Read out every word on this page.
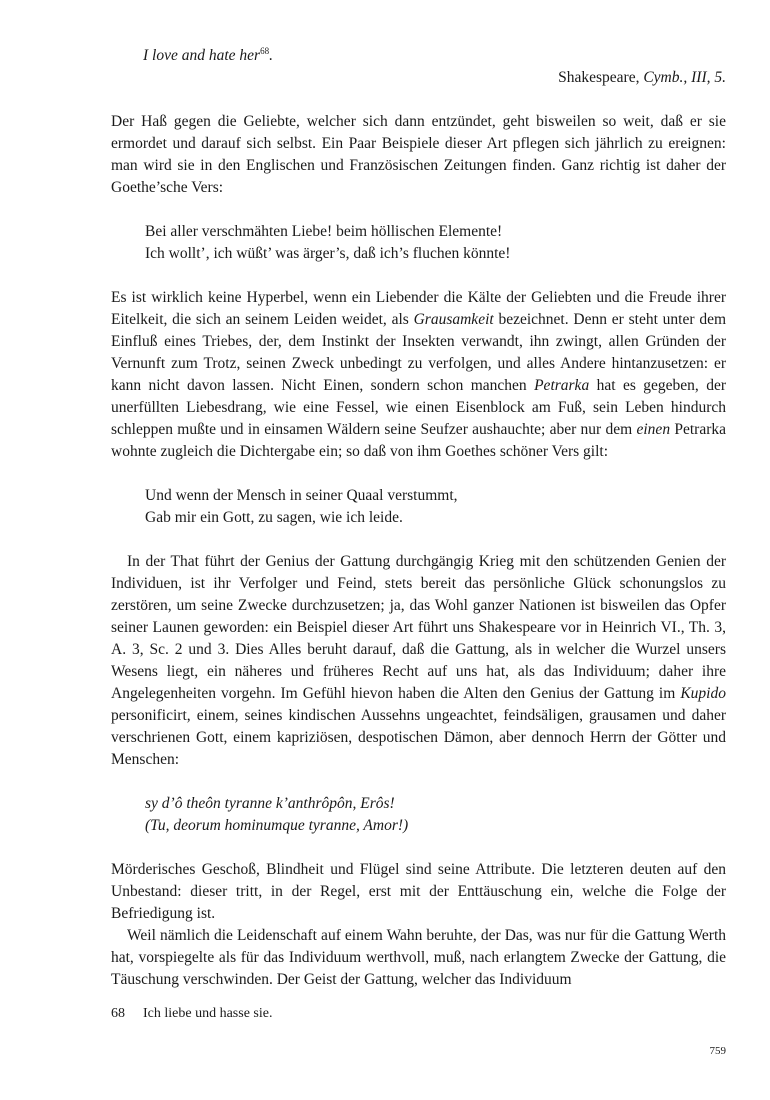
I love and hate her$^{68}$.
Shakespeare, Cymb., III, 5.

Der Haß gegen die Geliebte, welcher sich dann entzündet, geht bisweilen so weit, daß er sie ermordet und darauf sich selbst. Ein Paar Beispiele dieser Art pflegen sich jährlich zu ereignen: man wird sie in den Englischen und Französischen Zeitungen finden. Ganz richtig ist daher der Goethe’sche Vers:

Bei aller verschmähten Liebe! beim höllischen Elemente!
Ich wollt’, ich wüßt’ was ärger’s, daß ich’s fluchen könnte!

Es ist wirklich keine Hyperbel, wenn ein Liebender die Kälte der Geliebten und die Freude ihrer Eitelkeit, die sich an seinem Leiden weidet, als Grausamkeit bezeichnet. Denn er steht unter dem Einfluß eines Triebes, der, dem Instinkt der Insekten verwandt, ihn zwingt, allen Gründen der Vernunft zum Trotz, seinen Zweck unbedingt zu verfolgen, und alles Andere hintanzusetzen: er kann nicht davon lassen. Nicht Einen, sondern schon manchen Petrarka hat es gegeben, der unerfüllten Liebesdrang, wie eine Fessel, wie einen Eisenblock am Fuß, sein Leben hindurch schleppen mußte und in einsamen Wäldern seine Seufzer aushauchte; aber nur dem einen Petrarka wohnte zugleich die Dichtergabe ein; so daß von ihm Goethes schöner Vers gilt:

Und wenn der Mensch in seiner Quaal verstummt,
Gab mir ein Gott, zu sagen, wie ich leide.

In der That führt der Genius der Gattung durchgängig Krieg mit den schützenden Genien der Individuen, ist ihr Verfolger und Feind, stets bereit das persönliche Glück schonungslos zu zerstören, um seine Zwecke durchzusetzen; ja, das Wohl ganzer Nationen ist bisweilen das Opfer seiner Launen geworden: ein Beispiel dieser Art führt uns Shakespeare vor in Heinrich VI., Th. 3, A. 3, Sc. 2 und 3. Dies Alles beruht darauf, daß die Gattung, als in welcher die Wurzel unsers Wesens liegt, ein näheres und früheres Recht auf uns hat, als das Individuum; daher ihre Angelegenheiten vorgehn. Im Gefühl hievon haben die Alten den Genius der Gattung im Kupido personificirt, einem, seines kindischen Aussehns ungeachtet, feindsäligen, grausamen und daher verschrienen Gott, einem kapriziösen, despotischen Dämon, aber dennoch Herrn der Götter und Menschen:

sy d’ô theôn tyranne k’anthrôpôn, Erôs!
(Tu, deorum hominumque tyranne, Amor!)

Mörderisches Geschoß, Blindheit und Flügel sind seine Attribute. Die letzteren deuten auf den Unbestand: dieser tritt, in der Regel, erst mit der Enttäuschung ein, welche die Folge der Befriedigung ist.

Weil nämlich die Leidenschaft auf einem Wahn beruhte, der Das, was nur für die Gattung Werth hat, vorspiegelte als für das Individuum werthvoll, muß, nach erlangtem Zwecke der Gattung, die Täuschung verschwinden. Der Geist der Gattung, welcher das Individuum

68 Ich liebe und hasse sie.
759
